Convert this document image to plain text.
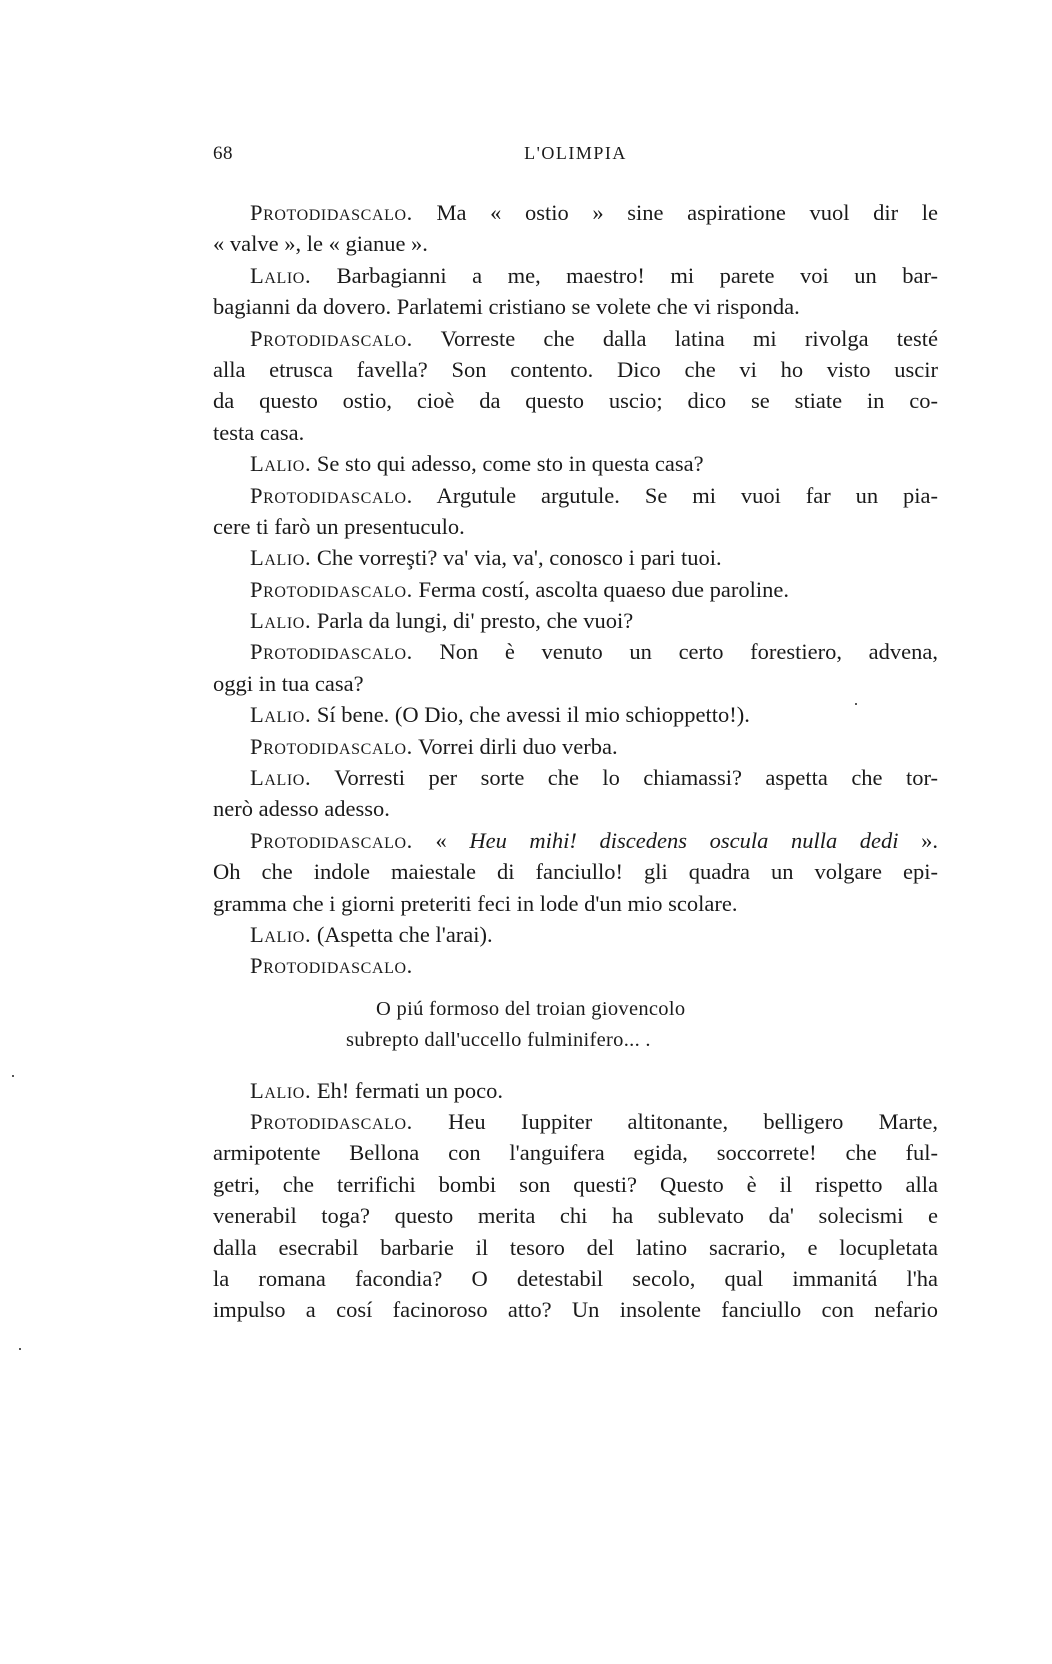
68	L'OLIMPIA
Protodidascalo. Ma « ostio » sine aspiratione vuol dir le
« valve », le « gianue ».
Lalio. Barbagianni a me, maestro! mi parete voi un bar-
bagianni da dovero. Parlatemi cristiano se volete che vi risponda.
Protodidascalo. Vorreste che dalla latina mi rivolga testé
alla etrusca favella? Son contento. Dico che vi ho visto uscir
da questo ostio, cioè da questo uscio; dico se stiate in co-
testa casa.
Lalio. Se sto qui adesso, come sto in questa casa?
Protodidascalo. Argutule argutule. Se mi vuoi far un pia-
cere ti farò un presentuculo.
Lalio. Che vorreşti? va' via, va', conosco i pari tuoi.
Protodidascalo. Ferma costí, ascolta quaeso due paroline.
Lalio. Parla da lungi, di' presto, che vuoi?
Protodidascalo. Non è venuto un certo forestiero, advena,
oggi in tua casa?
Lalio. Sí bene. (O Dio, che avessi il mio schioppetto!).
Protodidascalo. Vorrei dirli duo verba.
Lalio. Vorresti per sorte che lo chiamassi? aspetta che tor-
nerò adesso adesso.
Protodidascalo. « Heu mihi! discedens oscula nulla dedi ».
Oh che indole maiestale di fanciullo! gli quadra un volgare epi-
gramma che i giorni preteriti feci in lode d'un mio scolare.
Lalio. (Aspetta che l'arai).
Protodidascalo.
O piú formoso del troian giovencolo
subrepto dall'uccello fulminifero... .
Lalio. Eh! fermati un poco.
Protodidascalo. Heu Iuppiter altitonante, belligero Marte,
armipotente Bellona con l'anguifera egida, soccorrete! che ful-
getri, che terrifichi bombi son questi? Questo è il rispetto alla
venerabil toga? questo merita chi ha sublevato da' solecismi e
dalla esecrabil barbarie il tesoro del latino sacrario, e locupletata
la romana facondia? O detestabil secolo, qual immanitá l'ha
impulso a cosí facinoroso atto? Un insolente fanciullo con nefario
